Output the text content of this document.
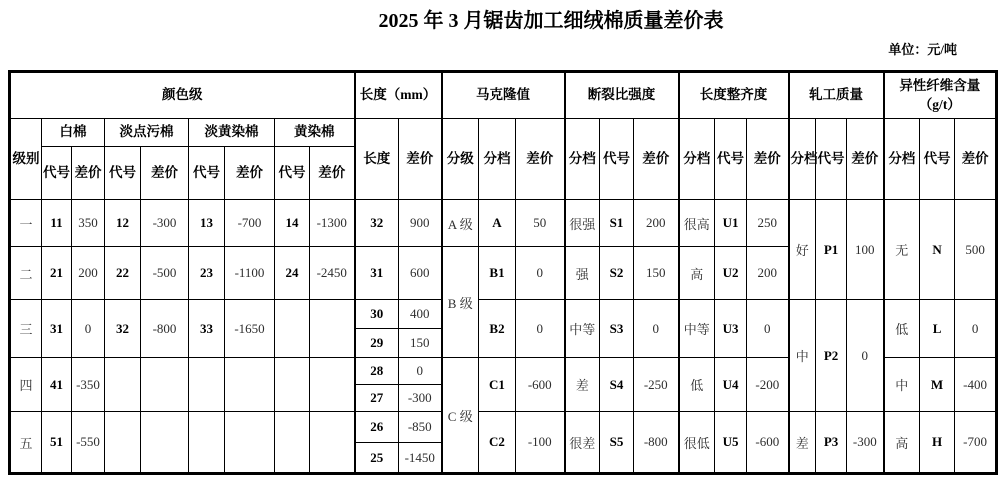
2025 年 3 月锯齿加工细绒棉质量差价表
单位：元/吨
颜色级									长度（mm）		马克隆值			断裂比强度			长度整齐度			轧工质量			异性纤维含量
（g/t）		

级别	白棉		淡点污棉		淡黄染棉		黄染棉		长度	差价	分级	分档	差价	分档	代号	差价	分档	代号	差价	分档	代号	差价	分档	代号	差价
	代号	差价	代号	差价	代号	差价	代号	差价																	
一	11	350	12	-300	13	-700	14	-1300	32	900	A 级	A	50	很强	S1	200	很高	U1	250	好	P1	100	无	N	500
二	21	200	22	-500	23	-1100	24	-2450	31	600	B 级	B1	0	强	S2	150	高	U2	200						
三	31	0	32	-800	33	-1650			30	400		B2	0	中等	S3	0	中等	U3	0	中	P2	0	低	L	0
									29	150															
四	41	-350							28	0	C 级	C1	-600	差	S4	-250	低	U4	-200				中	M	-400
									27	-300															
五	51	-550							26	-850		C2	-100	很差	S5	-800	很低	U5	-600	差	P3	-300	高	H	-700
									25	-1450															
